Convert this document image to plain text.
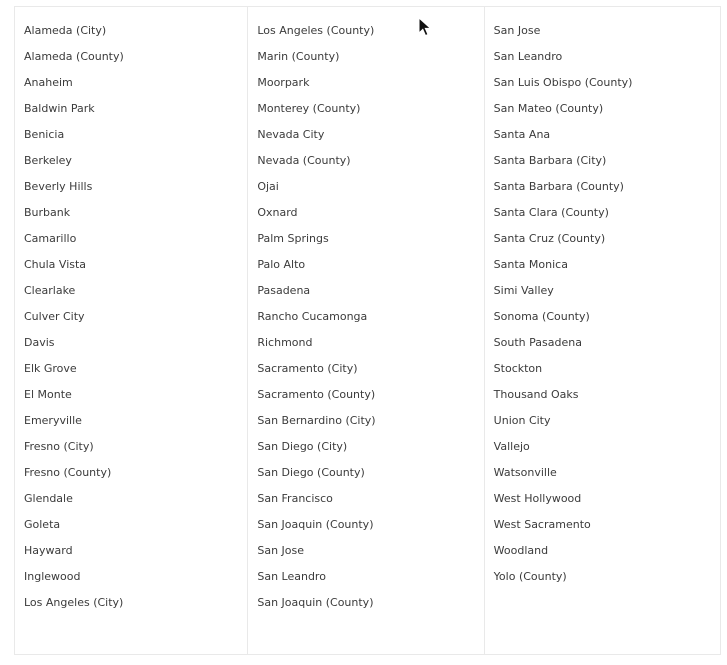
Alameda (City)
Alameda (County)
Anaheim
Baldwin Park
Benicia
Berkeley
Beverly Hills
Burbank
Camarillo
Chula Vista
Clearlake
Culver City
Davis
Elk Grove
El Monte
Emeryville
Fresno (City)
Fresno (County)
Glendale
Goleta
Hayward
Inglewood
Los Angeles (City)
Los Angeles (County)
Marin (County)
Moorpark
Monterey (County)
Nevada City
Nevada (County)
Ojai
Oxnard
Palm Springs
Palo Alto
Pasadena
Rancho Cucamonga
Richmond
Sacramento (City)
Sacramento (County)
San Bernardino (City)
San Diego (City)
San Diego (County)
San Francisco
San Joaquin (County)
San Jose
San Leandro
San Joaquin (County)
San Jose
San Leandro
San Luis Obispo (County)
San Mateo (County)
Santa Ana
Santa Barbara (City)
Santa Barbara (County)
Santa Clara (County)
Santa Cruz (County)
Santa Monica
Simi Valley
Sonoma (County)
South Pasadena
Stockton
Thousand Oaks
Union City
Vallejo
Watsonville
West Hollywood
West Sacramento
Woodland
Yolo (County)
